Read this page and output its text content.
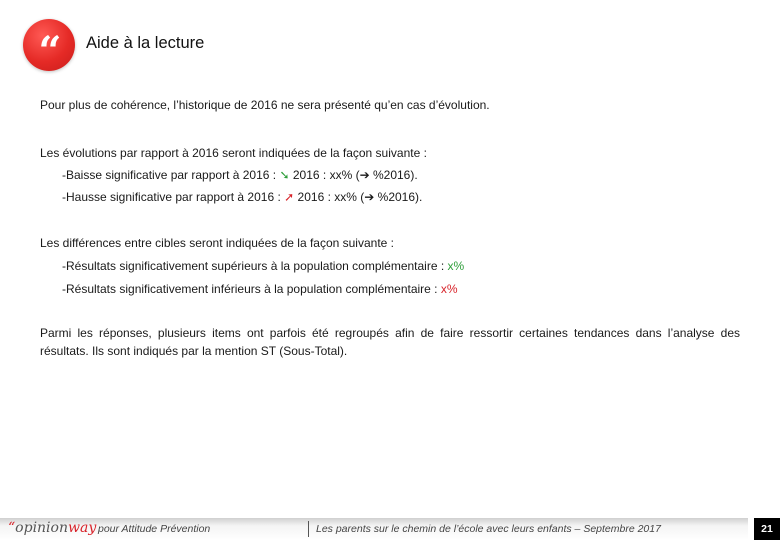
“ Aide à la lecture
Pour plus de cohérence, l’historique de 2016 ne sera présenté qu’en cas d’évolution.
Les évolutions par rapport à 2016 seront indiquées de la façon suivante :
-Baisse significative par rapport à 2016 : ➘ 2016 : xx% (➔ %2016).
-Hausse significative par rapport à 2016 : ➚ 2016 : xx% (➔ %2016).
Les différences entre cibles seront indiquées de la façon suivante :
-Résultats significativement supérieurs à la population complémentaire : x%
-Résultats significativement inférieurs à la population complémentaire : x%
Parmi les réponses, plusieurs items ont parfois été regroupés afin de faire ressortir certaines tendances dans l’analyse des résultats. Ils sont indiqués par la mention ST (Sous-Total).
“opinionway pour Attitude Prévention	Les parents sur le chemin de l’école avec leurs enfants – Septembre 2017	21
